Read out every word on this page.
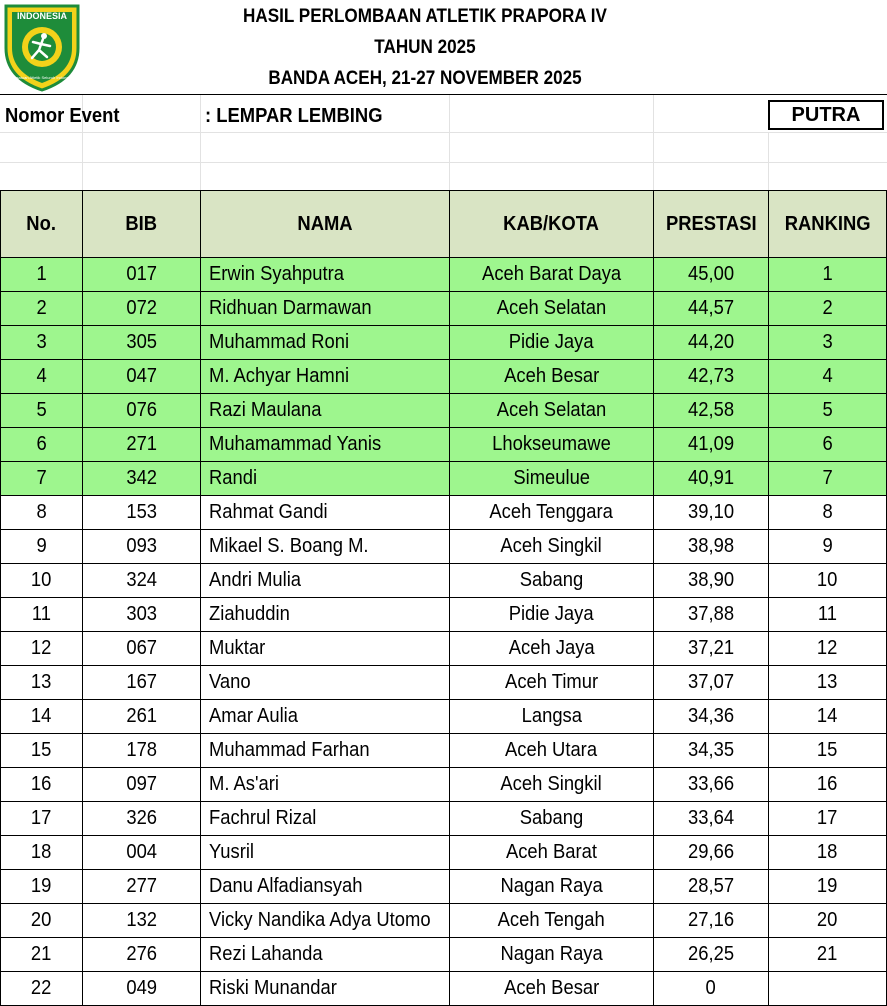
INDONESIA
Persatuan Atletik Seluruh Indonesia
HASIL PERLOMBAAN ATLETIK PRAPORA IV
TAHUN 2025
BANDA ACEH, 21-27 NOVEMBER 2025
Nomor Event	: LEMPAR LEMBING	PUTRA
No.	BIB	NAMA	KAB/KOTA	PRESTASI	RANKING
1	017	Erwin Syahputra	Aceh Barat Daya	45,00	1
2	072	Ridhuan Darmawan	Aceh Selatan	44,57	2
3	305	Muhammad Roni	Pidie Jaya	44,20	3
4	047	M. Achyar Hamni	Aceh Besar	42,73	4
5	076	Razi Maulana	Aceh Selatan	42,58	5
6	271	Muhamammad Yanis	Lhokseumawe	41,09	6
7	342	Randi	Simeulue	40,91	7
8	153	Rahmat Gandi	Aceh Tenggara	39,10	8
9	093	Mikael S. Boang M.	Aceh Singkil	38,98	9
10	324	Andri Mulia	Sabang	38,90	10
11	303	Ziahuddin	Pidie Jaya	37,88	11
12	067	Muktar	Aceh Jaya	37,21	12
13	167	Vano	Aceh Timur	37,07	13
14	261	Amar Aulia	Langsa	34,36	14
15	178	Muhammad Farhan	Aceh Utara	34,35	15
16	097	M. As'ari	Aceh Singkil	33,66	16
17	326	Fachrul Rizal	Sabang	33,64	17
18	004	Yusril	Aceh Barat	29,66	18
19	277	Danu Alfadiansyah	Nagan Raya	28,57	19
20	132	Vicky Nandika Adya Utomo	Aceh Tengah	27,16	20
21	276	Rezi Lahanda	Nagan Raya	26,25	21
22	049	Riski Munandar	Aceh Besar	0	
